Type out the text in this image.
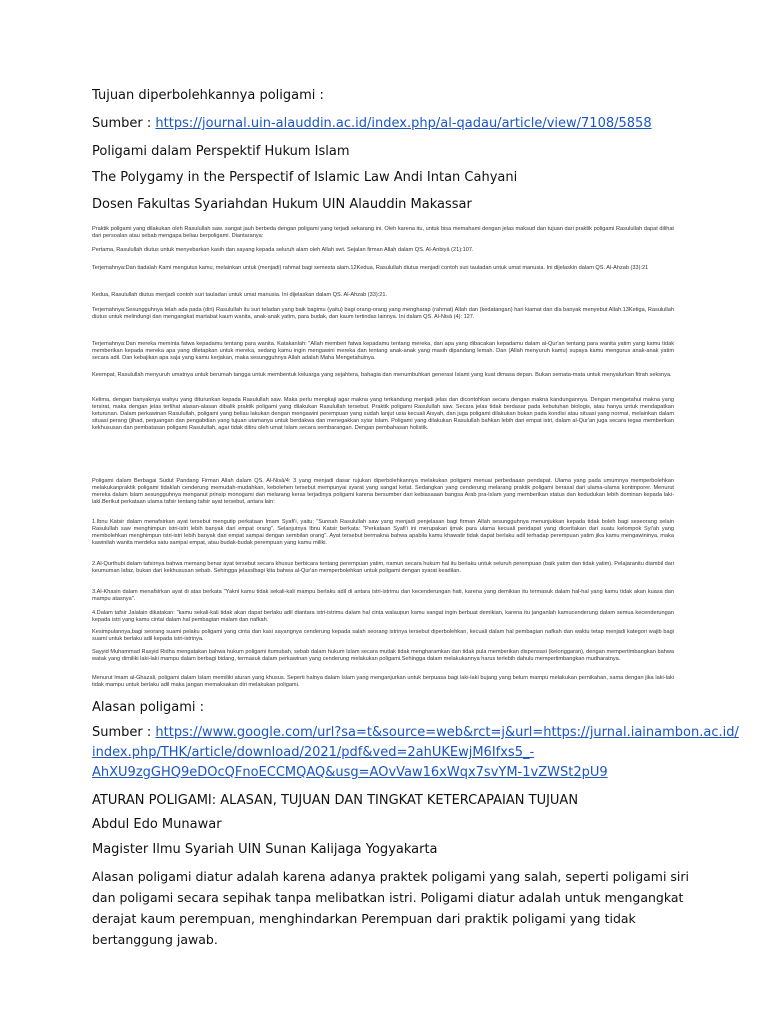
Tujuan diperbolehkannya poligami :
Sumber : https://journal.uin-alauddin.ac.id/index.php/al-qadau/article/view/7108/5858
Poligami dalam Perspektif Hukum Islam
The Polygamy in the Perspectif of Islamic Law Andi Intan Cahyani
Dosen Fakultas Syariahdan Hukum UIN Alauddin Makassar
Praktik poligami yang dilakukan oleh Rasulullah saw. sangat jauh berbeda dengan poligami yang terjadi sekarang ini. Oleh karena itu, untuk bisa memahami dengan jelas maksud dan tujuan dari praktik poligami Rasulullah dapat dilihat dari persoalan atau sebab mengapa beliau berpoligami. Diantaranya:
Pertama, Rasulullah diutus untuk menyebarkan kasih dan sayang kepada seluruh alam oleh Allah swt. Sejalan firman Allah dalam QS. Al-Anbiyā (21):107.
Terjemahnya:Dan tiadalah Kami mengutus kamu, melainkan untuk (menjadi) rahmat bagi semesta alam.12Kedua, Rasulullah diutus menjadi contoh suri tauladan untuk umat manusia. Ini dijelaskin dalam QS. Al-Ahzab (33):21
Kedua, Rasulullah diutus menjadi contoh suri tauladan untuk umat manusia. Ini dijelaskan dalam QS. Al-Ahzab (33):21.
Terjemahnya:Sesungguhnya telah ada pada (diri) Rasulullah itu suri teladan yang baik bagimu (yaitu) bagi orang-orang yang mengharap (rahmat) Allah dan (kedatangan) hari kiamat dan dia banyak menyebut Allah.13Ketiga, Rasulullah diutus untuk melindungi dan mengangkat martabat kaum wanita, anak-anak yatim, para budak, dan kaum tertindas lainnya. Ini dalam QS. Al-Nisā (4): 127.
Terjemahnya:Dan mereka meminta fatwa kepadamu tentang para wanita. Katakanlah: "Allah memberi fatwa kepadamu tentang mereka, dan apa yang dibacakan kepadamu dalam al-Qur'an tentang para wanita yatim yang kamu tidak memberikan kepada mereka apa yang ditetapkan untuk mereka, sedang kamu ingin mengawini mereka dan tentang anak-anak yang masih dipandang lemah. Dan (Allah menyuruh kamu) supaya kamu mengurus anak-anak yatim secara adil. Dan kebajikan apa saja yang kamu kerjakan, maka sesungguhnya Allah adalah Maha Mengetahuinya.
Keempat, Rasulullah menyuruh umatnya untuk berumah tangga untuk membentuk keluarga yang sejahtera, bahagia dan menumbuhkan generasi Islami yang kuat dimasa depan. Bukan semata-mata untuk menyalurkan fitrah seksnya.
Kelima, dengan banyaknya wahyu yang diturunkan kepada Rasulullah saw. Maka perlu mengkaji agar makna yang terkandung menjadi jelas dan dicontohkan secara dengan makna kandungannya. Dengan mengetahui makna yang tersirat, maka dengan jelas terlihat alasan-alasan dibalik praktik poligami yang dilakukan Rasulullah tersebut. Praktik poligami Rasulullah saw. Secara jelas tidak berdasar pada kebutuhan biologis, atau hanya untuk mendapatkan keturunan. Dalam perkawinan Rasulullah, poligami yang beliau lakukan dengan mengawini perempuan yang sudah lanjut usia kecuali Aisyah, dan juga poligami dilakukan bukan pada kondisi atau situasi yang normal, melainkan dalam situasi perang (jihad, perjuangan dan pengabdian yang tujuan utamanya untuk berdakwa dan menegakkan syiar Islam. Poligami yang dilakukan Rasulullah bahkan lebih dari empat istri, dalam al-Qur'an juga secara tegas memberikan kekhususan dan pembatasan poligami Rasulullah, agar tidak ditiru oleh umat Islam secara sembarangan. Dengan pembahasan holistik.
Poligami dalam Berbagai Sudut Pandang Firman Allah dalam QS. Al-Nisā/4: 3 yang menjadi dasar rujukan diperbolehkannya melakukan poligami menuai perbedaaan pendapat. Ulama yang pada umumnya memperbolehkan melakukanpraktik poligami tidaklah cenderung memudah-mudahkan, kebolehen tersebut mempunyai syarat yang sangat ketat. Sedangkan yang cenderung melarang praktik poligami berasal dari ulama-ulama kontmporer. Menurut mereka dalam Islam sesungguhnya menganut prinsip monogami dan melarang keras terjadinya poligami karena bersumber dari kebiasaaan bangsa Arab pra-Islam yang memberikan status dan kedudukan lebih dominan kepada laki-laki.Berikut perkataan ulama tafsir tentang tafsir ayat tersebut, antara lain:
1.Ibnu Katsir dalam menafsirkan ayat tersebut mengutip perkataan Imam Syafi'i, yaitu; "Sunnah Rasulullah saw yang menjadi penjelasan bagi firman Allah sesungguhnya menunjukkan kepada tidak boleh bagi seseorang selain Rasulullah saw menghimpun istri-istri lebih banyak dari empat orang". Selanjutnya Ibnu Katsir berkata: "Perkataan Syafi'i ini merupakan ijmak para ulama kecuali pendapat yang diceritakan dari suatu kelompok Syi'ah yang membolehkan menghimpun istri-istri lebih banyak dari empat sampai dengan sembilan orang". Ayat tersebut bermakna bahwa apabila kamu khawatir tidak dapat berlaku adil terhadap perempuan yatim jika kamu mengawininya, maka kawinilah wanita merdeka satu sampai empat, atau budak-budak perempuan yang kamu miliki.
2.Al-Qurthubi dalam tafsirnya bahwa memang benar ayat tersebut secara khusus berbicara tentang perempuan yatim, namun secara hukum hal itu berlaku untuk seluruh perempuan (baik yatim dan tidak yatim). Pelajaranitu diambil dari keumuman lafaz, bukan dari kekhususan sebab. Sehingga jelasslbagi kita bahwa al-Qur'an memperbolehkan untuk poligami dengan syarat keadilan.
3.Al-Khasin dalam menafsirkan ayat di atas berkata "Yakni kamu tidak sekali-kali mampu berlaku adil di antara istri-istrimu dan kecenderungan hati, karena yang demikian itu termasuk dalam hal-hal yang kamu tidak akan kuasa dan mampu atasnya".
4.Dalam tafsir Jalalain dikatakan: "kamu sekali-kali tidak akan dapat berlaku adil diantara istri-istrimu dalam hal cinta walaupun kamu sangat ingin berbuat demikian, karena itu janganlah kamucenderung dalam semua kecenderungan kepada istri yang kamu cintai dalam hal pembagian malam dan nafkah.
Kesimpulannya,bagi seorang suami pelaku poligami yang cinta dan kasi sayangnya cenderung kepada salah seorang istrinya tersebut diperbolehkan, kecuali dalam hal pembagian nafkah dan waktu tetap menjadi kategori wajib bagi suami untuk berlaku adil kepada istri-istrinya.
Sayyid Muhammad Rasyid Ridha mengatakan bahwa hukum poligami itumubah, sebab dalam hukum Islam secara mutlak tidak mengharamkan dan tidak pula memberikan dispensasi (kelonggaran), dengan mempertimbangkan bahwa watak yang dimiliki laki-laki mampu dalam berbagi bidang, termasuk dalam perkawinan yang cenderung melakukan poligami.Sehingga dalam melakukannya harus terlebih dahulu mempertimbangkan mudharatnya.
Menurut Imam al-Ghazali, poligami dalam Islam memiliki aturan yang khusus. Seperti halnya dalam Islam yang menganjurkan untuk berpuasa bagi laki-laki bujang yang belum mampu melakukan pernikahan, sama dengan jika laki-laki tidak mampu untuk berlaku adil maka jangan memaksakan diri melakukan poligami.
Alasan poligami :
Sumber : https://www.google.com/url?sa=t&source=web&rct=j&url=https://jurnal.iainambon.ac.id/
index.php/THK/article/download/2021/pdf&ved=2ahUKEwjM6Ifxs5_-
AhXU9zgGHQ9eDOcQFnoECCMQAQ&usg=AOvVaw16xWqx7svYM-1vZWSt2pU9
ATURAN POLIGAMI: ALASAN, TUJUAN DAN TINGKAT KETERCAPAIAN TUJUAN
Abdul Edo Munawar
Magister Ilmu Syariah UIN Sunan Kalijaga Yogyakarta
Alasan poligami diatur adalah karena adanya praktek poligami yang salah, seperti poligami siri dan poligami secara sepihak tanpa melibatkan istri. Poligami diatur adalah untuk mengangkat derajat kaum perempuan, menghindarkan Perempuan dari praktik poligami yang tidak bertanggung jawab.
